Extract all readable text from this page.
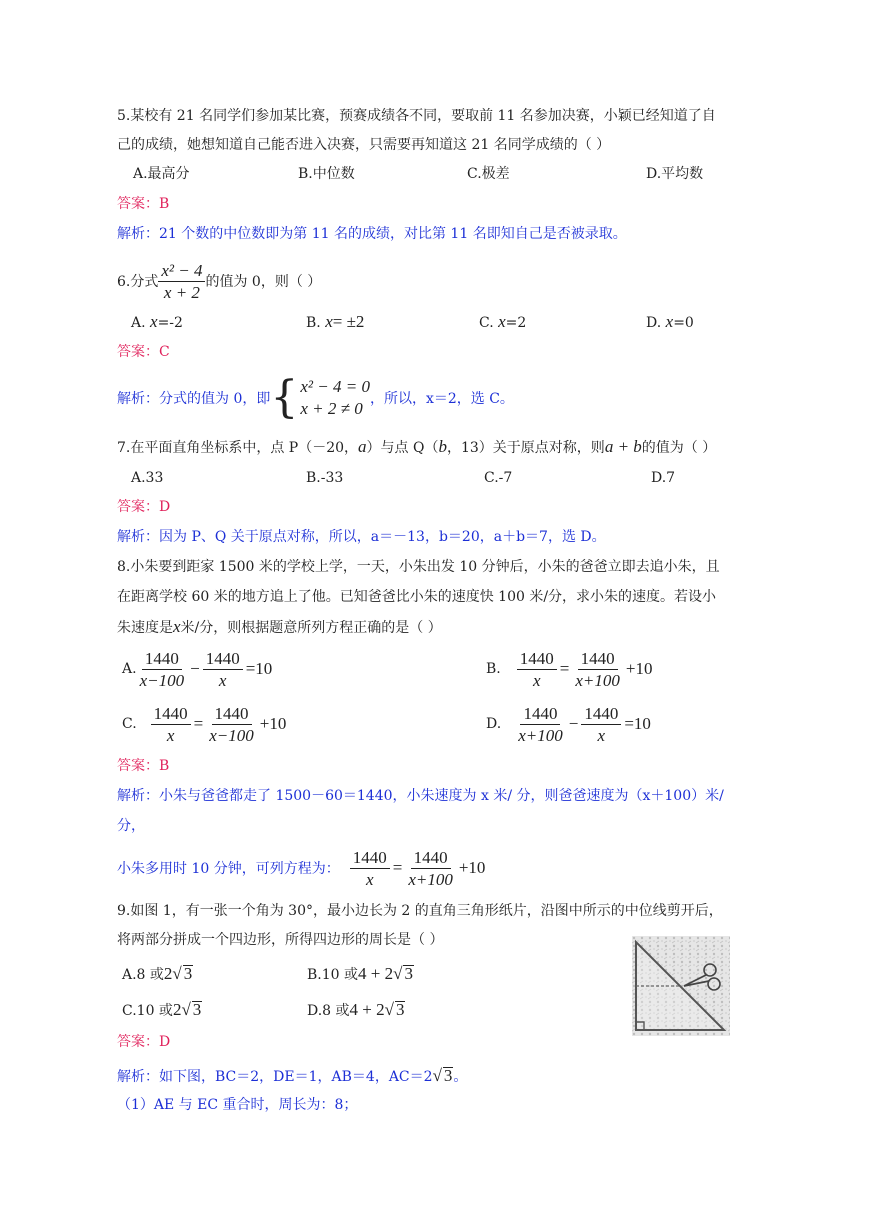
5.某校有 21 名同学们参加某比赛，预赛成绩各不同，要取前 11 名参加决赛，小颖已经知道了自
己的成绩，她想知道自己能否进入决赛，只需要再知道这 21 名同学成绩的（ ）
A.最高分	B.中位数	C.极差	D.平均数
答案：B
解析：21 个数的中位数即为第 11 名的成绩，对比第 11 名即知自己是否被录取。
6.分式 $\frac{\text{x² − 4}}{x + 2}$ 的值为 0，则（ ）
A. x=-2	B. x= ±2	C. x=2	D. x=0
答案：C
解析：分式的值为 0，即 { x² − 4 = 0
x + 2 ≠ 0 ，所以，x＝2，选 C。
7.在平面直角坐标系中，点 P（－20，a）与点 Q（b，13）关于原点对称，则a + b的值为（ ）
A.33	B.-33	C.-7	D.7
答案：D
解析：因为 P、Q 关于原点对称，所以，a＝－13，b＝20，a＋b＝7，选 D。
8.小朱要到距家 1500 米的学校上学，一天，小朱出发 10 分钟后，小朱的爸爸立即去追小朱，且
在距离学校 60 米的地方追上了他。已知爸爸比小朱的速度快 100 米/分，求小朱的速度。若设小
朱速度是x米/分，则根据题意所列方程正确的是（ ）
A. $\frac{1440}{x-100} - \frac{1440}{x} =10$	B. $\frac{1440}{x} = \frac{1440}{x+100} +10$
C. $\frac{1440}{x} = \frac{1440}{x-100} +10$	D. $\frac{1440}{x+100} - \frac{1440}{x} =10$
答案：B
解析：小朱与爸爸都走了 1500－60＝1440，小朱速度为 x 米/ 分，则爸爸速度为（x＋100）米/
分，
小朱多用时 10 分钟，可列方程为： $\frac{1440}{x} = \frac{1440}{x+100} +10$
9.如图 1，有一张一个角为 30°，最小边长为 2 的直角三角形纸片，沿图中所示的中位线剪开后，
将两部分拼成一个四边形，所得四边形的周长是（ ）
A.8 或2√ 3	B.10 或4 + 2√ 3
C.10 或2√ 3	D.8 或4 + 2√ 3
答案：D
解析：如下图，BC＝2，DE＝1，AB＝4，AC＝2√ 3。
（1）AE 与 EC 重合时，周长为：8；
